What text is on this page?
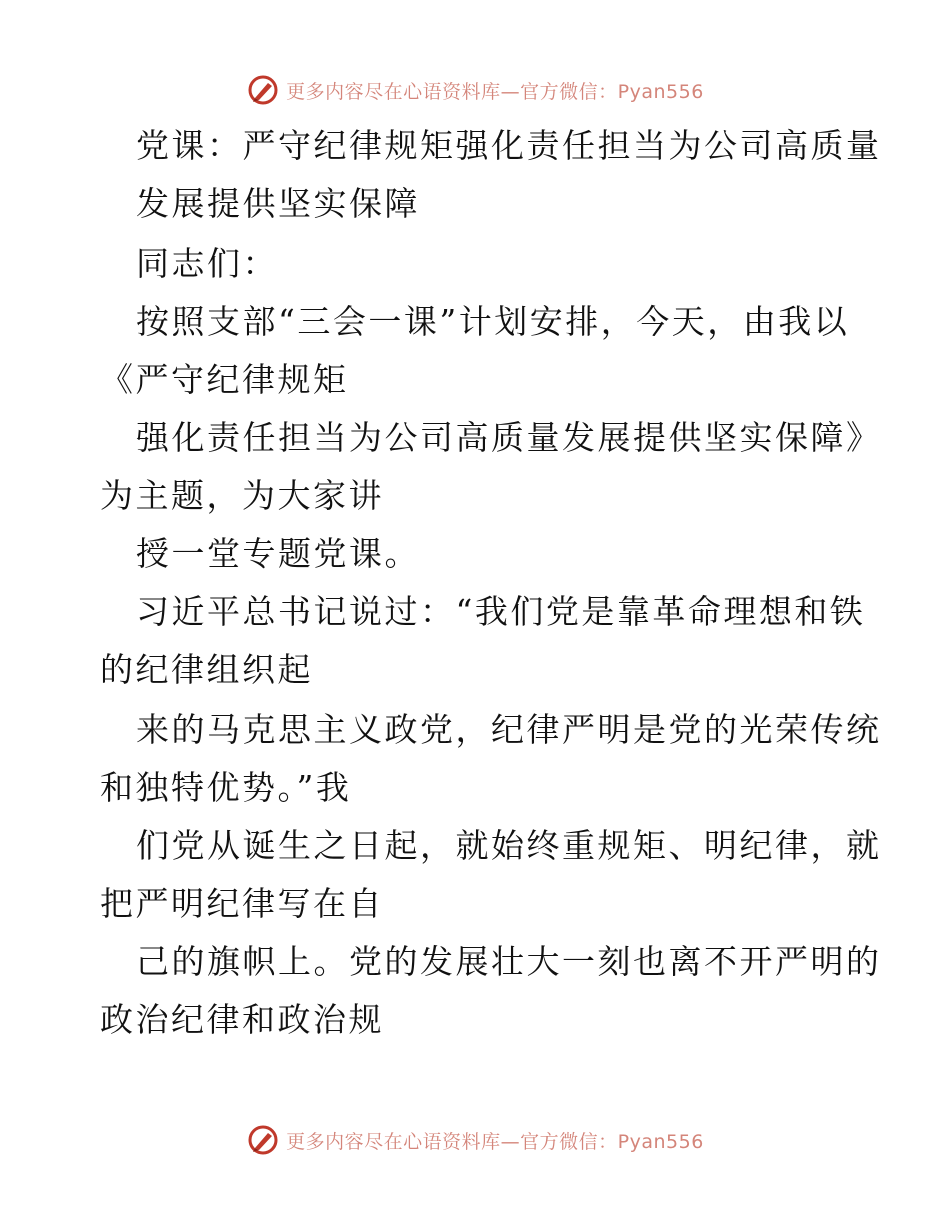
更多内容尽在心语资料库—官方微信：Pyan556
党课：严守纪律规矩强化责任担当为公司高质量
发展提供坚实保障
同志们：
按照支部“三会一课”计划安排，今天，由我以
《严守纪律规矩
强化责任担当为公司高质量发展提供坚实保障》
为主题，为大家讲
授一堂专题党课。
习近平总书记说过：“我们党是靠革命理想和铁
的纪律组织起
来的马克思主义政党，纪律严明是党的光荣传统
和独特优势。”我
们党从诞生之日起，就始终重规矩、明纪律，就
把严明纪律写在自
己的旗帜上。党的发展壮大一刻也离不开严明的
政治纪律和政治规
更多内容尽在心语资料库—官方微信：Pyan556
